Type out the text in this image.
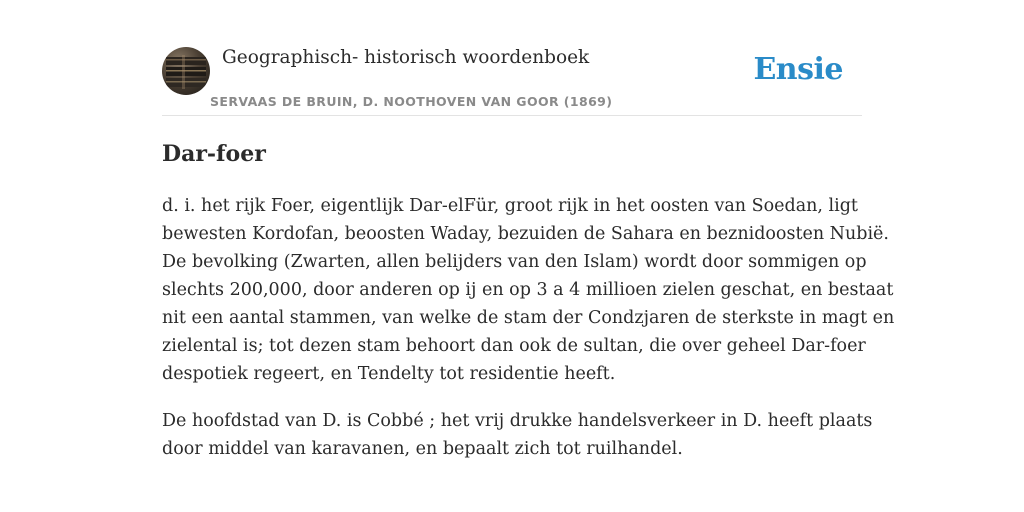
Geographisch- historisch woordenboek
SERVAAS DE BRUIN, D. NOOTHOVEN VAN GOOR (1869)
Ensie
Dar-foer

d. i. het rijk Foer, eigentlijk Dar-elFür, groot rijk in het oosten van Soedan, ligt
bewesten Kordofan, beoosten Waday, bezuiden de Sahara en beznidoosten Nubië.
De bevolking (Zwarten, allen belijders van den Islam) wordt door sommigen op
slechts 200,000, door anderen op ij en op 3 a 4 millioen zielen geschat, en bestaat
nit een aantal stammen, van welke de stam der Condzjaren de sterkste in magt en
zielental is; tot dezen stam behoort dan ook de sultan, die over geheel Dar-foer
despotiek regeert, en Tendelty tot residentie heeft.

De hoofdstad van D. is Cobbé ; het vrij drukke handelsverkeer in D. heeft plaats
door middel van karavanen, en bepaalt zich tot ruilhandel.
